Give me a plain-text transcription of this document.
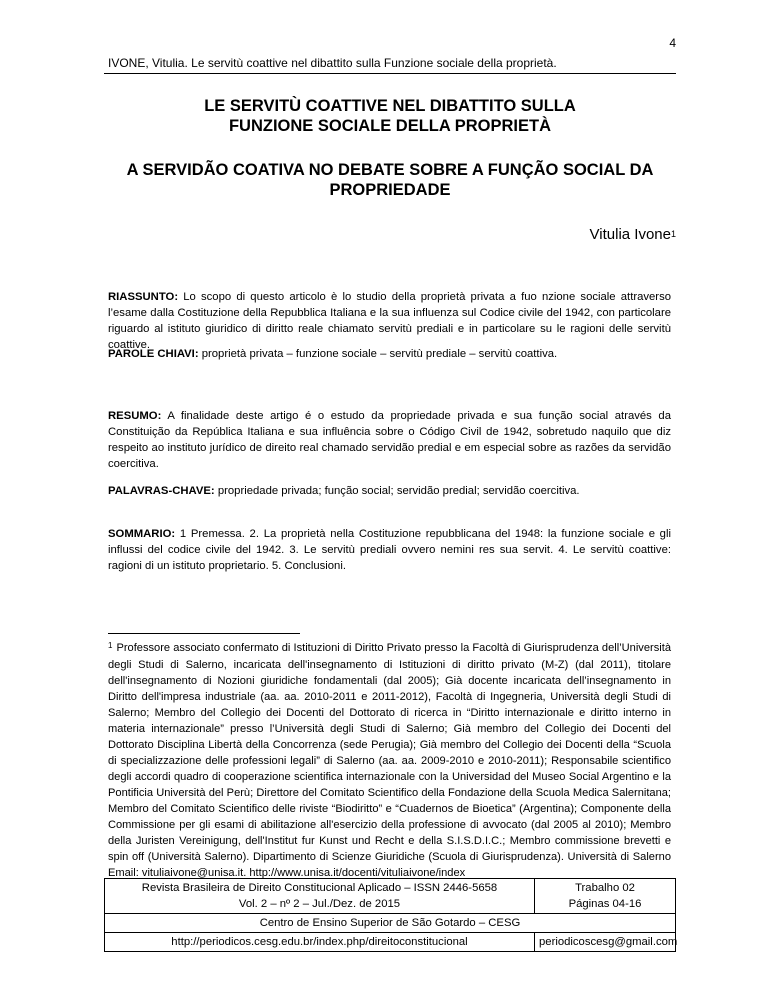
4
IVONE, Vitulia. Le servitù coattive nel dibattito sulla Funzione sociale della proprietà.
LE SERVITÙ COATTIVE NEL DIBATTITO SULLA
FUNZIONE SOCIALE DELLA PROPRIETÀ
A SERVIDÃO COATIVA NO DEBATE SOBRE A FUNÇÃO SOCIAL DA
PROPRIEDADE
Vitulia Ivone$^1$
RIASSUNTO: Lo scopo di questo articolo è lo studio della proprietà privata a fuo nzione sociale attraverso l’esame dalla Costituzione della Repubblica Italiana e la sua influenza sul Codice civile del 1942, con particolare riguardo al istituto giuridico di diritto reale chiamato servitù prediali e in particolare su le ragioni delle servitù coattive.
PAROLE CHIAVI: proprietà privata – funzione sociale – servitù prediale – servitù coattiva.
RESUMO: A finalidade deste artigo é o estudo da propriedade privada e sua função social através da Constituição da República Italiana e sua influência sobre o Código Civil de 1942, sobretudo naquilo que diz respeito ao instituto jurídico de direito real chamado servidão predial e em especial sobre as razões da servidão coercitiva.
PALAVRAS-CHAVE: propriedade privada; função social; servidão predial; servidão coercitiva.
SOMMARIO: 1 Premessa. 2. La proprietà nella Costituzione repubblicana del 1948: la funzione sociale e gli influssi del codice civile del 1942. 3. Le servitù prediali ovvero nemini res sua servit. 4. Le servitù coattive: ragioni di un istituto proprietario. 5. Conclusioni.
$^1$ Professore associato confermato di Istituzioni di Diritto Privato presso la Facoltà di Giurisprudenza dell’Università degli Studi di Salerno, incaricata dell'insegnamento di Istituzioni di diritto privato (M-Z) (dal 2011), titolare dell'insegnamento di Nozioni giuridiche fondamentali (dal 2005); Già docente incaricata dell’insegnamento in Diritto dell'impresa industriale (aa. aa. 2010-2011 e 2011-2012), Facoltà di Ingegneria, Università degli Studi di Salerno; Membro del Collegio dei Docenti del Dottorato di ricerca in “Diritto internazionale e diritto interno in materia internazionale” presso l’Università degli Studi di Salerno; Già membro del Collegio dei Docenti del Dottorato Disciplina Libertà della Concorrenza (sede Perugia); Già membro del Collegio dei Docenti della “Scuola di specializzazione delle professioni legali” di Salerno (aa. aa. 2009-2010 e 2010-2011); Responsabile scientifico degli accordi quadro di cooperazione scientifica internazionale con la Universidad del Museo Social Argentino e la Pontificia Università del Perù; Direttore del Comitato Scientifico della Fondazione della Scuola Medica Salernitana; Membro del Comitato Scientifico delle riviste “Biodiritto” e “Cuadernos de Bioetica” (Argentina); Componente della Commissione per gli esami di abilitazione all'esercizio della professione di avvocato (dal 2005 al 2010); Membro della Juristen Vereinigung, dell'Institut fur Kunst und Recht e della S.I.S.D.I.C.; Membro commissione brevetti e spin off (Università Salerno). Dipartimento di Scienze Giuridiche (Scuola di Giurisprudenza). Università di Salerno Email: vituliaivone@unisa.it. http://www.unisa.it/docenti/vituliaivone/index
Revista Brasileira de Direito Constitucional Aplicado – ISSN 2446-5658
Vol. 2 – nº 2 – Jul./Dez. de 2015
Trabalho 02
Páginas 04-16
Centro de Ensino Superior de São Gotardo – CESG
http://periodicos.cesg.edu.br/index.php/direitoconstitucional	periodicoscesg@gmail.com
